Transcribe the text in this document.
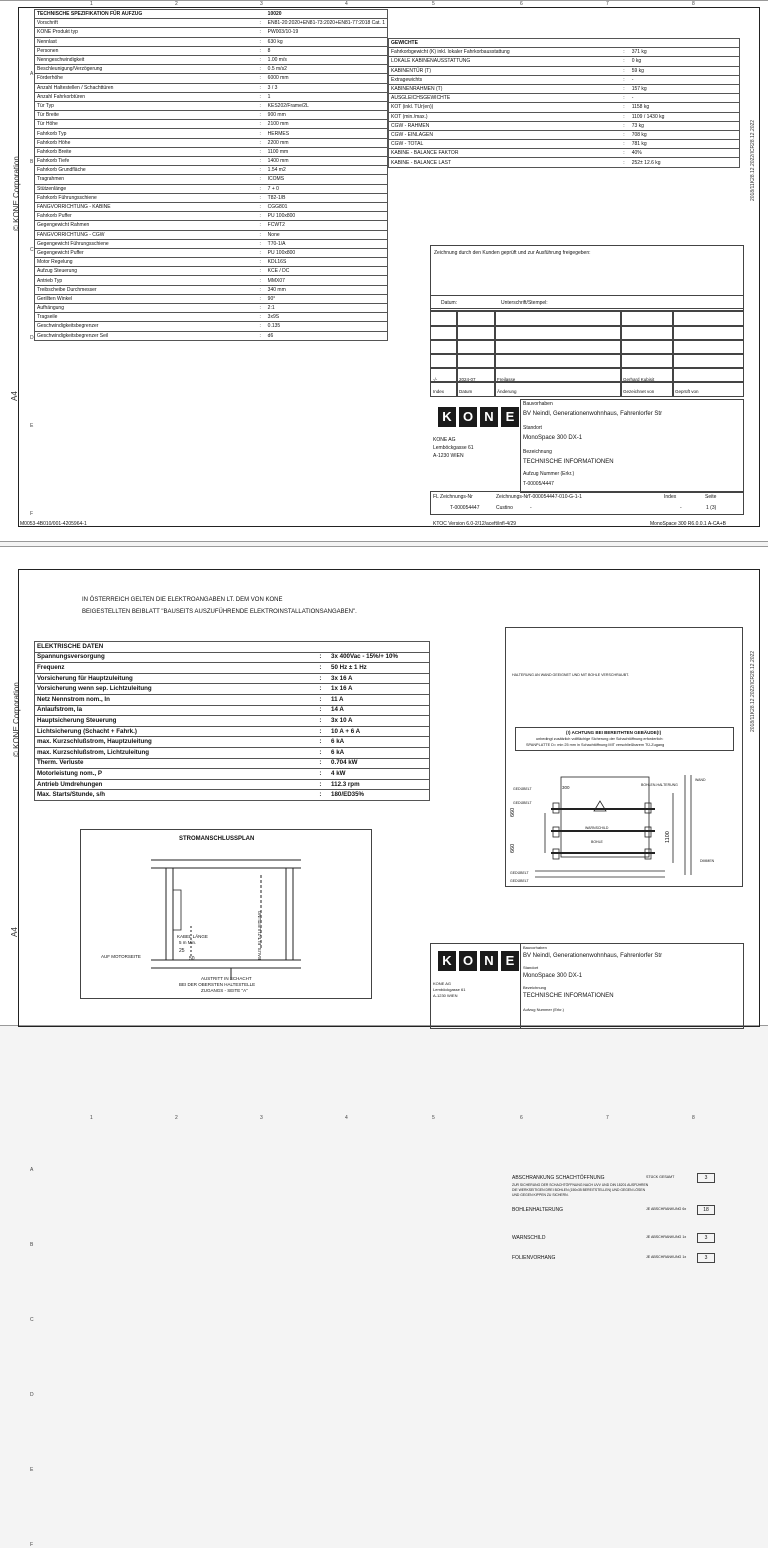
1	2	3	4	5	6	7	8
A
B
C
D
E
F
© KONE Corporation
A4
2018/11K28.12.2022/ICR28.12.2022
TECHNISCHE SPEZIFIKATION FÜR AUFZUG		10020
Vorschrift	:	EN81-20:2020+EN81-73:2020+EN81-77:2018 Cat. 1
KONE Produkt typ	:	PW003/10-19
Nennlast	:	630 kg
Personen	:	8
Nenngeschwindigkeit	:	1.00 m/s
Beschleunigung/Verzögerung	:	0.5 m/s2
Förderhöhe	:	6000 mm
Anzahl Haltestellen / Schachttüren	:	3 / 3
Anzahl Fahrkorbtüren	:	1
Tür Typ	:	KES202/Frame/2L
Tür Breite	:	900 mm
Tür Höhe	:	2100 mm
Fahrkorb Typ	:	HERMES
Fahrkorb Höhe	:	2200 mm
Fahrkorb Breite	:	1100 mm
Fahrkorb Tiefe	:	1400 mm
Fahrkorb Grundfläche	:	1.54 m2
Tragrahmen	:	ICOMS
Stützenlänge	:	7 + 0
Fahrkorb Führungsschiene	:	T82-1/B
FANGVORRICHTUNG - KABINE	:	CGG801
Fahrkorb Puffer	:	PU 100x800
Gegengewicht Rahmen	:	FCWT2
FANGVORRICHTUNG - CGW	:	None
Gegengewicht Führungsschiene	:	T70-1/A
Gegengewicht Puffer	:	PU 100x800
Motor Regelung	:	KDL16S
Aufzug Steuerung	:	KCE / DC
Antrieb Typ	:	MMX07
Treibscheibe Durchmesser	:	340 mm
Gerillten Winkel	:	90°
Aufhängung	:	2:1
Tragseile	:	3x9S
Geschwindigkeitsbegrenzer	:	0.135
Geschwindigkeitsbegrenzer Seil	:	d6
GEWICHTE		
Fahrkorbgewicht (K) inkl. lokaler Fahrkorbausstattung	:	371 kg
LOKALE KABINENAUSSTATTUNG	:	0 kg
KABINENTÜR (T)	:	59 kg
Extragewichts	:	-
KABINENRAHMEN (T)	:	157 kg
AUSGLEICHSGEWICHTE	:	-
KOT (inkl. TUr(en))	:	1158 kg
KOT (min./max.)	:	1109 / 1430 kg
CGW - RAHMEN	:	73 kg
CGW - EINLAGEN	:	708 kg
CGW - TOTAL	:	781 kg
KABINE - BALANCE FAKTOR	:	40%
KABINE - BALANCE LAST	:	252± 12.6 kg
Zeichnung durch den Kunden geprüft und zur Ausführung freigegeben:
Datum:	Unterschrift/Stempel:
-/-	2024-07	Freilasse	Gerhard Kubisit
Index	Datum	Änderung	Gezeichnet von	Geprüft von
K O N E
KONE AG
Lemböckgasse 61
A-1230 WIEN
Bauvorhaben
BV Neindl, Generationenwohnhaus, Fahrenlorfer Str
Standort
MonoSpace 300 DX-1
Bezeichnung
TECHNISCHE INFORMATIONEN
Aufzug Nummer (Erkr.)
T-00005/4447
FL Zeichnungs-Nr
T-000054447
Zeichnungs-Nr T-000054447-010-G-1-1	Index
-
Seite
1 (3)
Custino	-
M0053-4B010/001-4205964-1	KTOC Version 6.0-2/12/aceft/infl-4/29	MonoSpace 300 R6.0.0.1 A-CA+B
1	2	3	4	5	6	7	8
A
B
C
D
E
F
© KONE Corporation
A4
2018/11K28.12.2022/ICR28.12.2022
IN ÖSTERREICH GELTEN DIE ELEKTROANGABEN LT. DEM VON KONE
BEIGESTELLTEN BEIBLATT "BAUSEITS AUSZUFÜHRENDE ELEKTROINSTALLATIONSANGABEN".
ELEKTRISCHE DATEN		
Spannungsversorgung	:	3x 400Vac - 15%/+ 10%
Frequenz	:	50 Hz ± 1 Hz
Vorsicherung für Hauptzuleitung	:	3x 16 A
Vorsicherung wenn sep. Lichtzuleitung	:	1x 16 A
Netz Nennstrom nom., In	:	11 A
Anlaufstrom, Ia	:	14 A
Hauptsicherung Steuerung	:	3x 10 A
Lichtsicherung (Schacht + Fahrk.)	:	10 A + 6 A
max. Kurzschlußstrom, Hauptzuleitung	:	6 kA
max. Kurzschlußstrom, Lichtzuleitung	:	6 kA
Therm. Verluste	:	0.704 kW
Motorleistung nom., P	:	4 kW
Antrieb Umdrehungen	:	112.3 rpm
Max. Starts/Stunde, s/h	:	180/ED35%
STROMANSCHLUSSPLAN
KABEL LÄNGE
5 m Min.
25
50
AUF MOTORSEITE	BAUS. ELT-ZULEITUNG
AUSTRITT IN SCHACHT
BEI DER OBERSTEN HALTESTELLE
ZUGANGS - SEITE "A"
ABSCHRANKUNG SCHACHTÖFFNUNG	STÜCK GESAMT	3
BOHLENHALTERUNG	JE ABSCHRANKUNG 6x	18
WARNSCHILD	JE ABSCHRANKUNG 1x	3
FOLIENVORHANG	JE ABSCHRANKUNG 1x	3
ZUR SICHERUNG DER SCHACHTÖFFNUNG NACH UVV UND DIN 18201 AUSFÜHREN
DIE WERKSEITIGEN DREI BOHLEN (150x35 BEREITSTELLEN) UND GEGEN LÖSEN
UND GEGEN KIPPEN ZU SICHERN.
HALTERUNG AN WAND GEEIGNET UND MIT BOHLE VERSCHRAUBT.
(!) ACHTUNG BEI BEREITHTEN GEBÄUDE(!)
unbedingt zusätzlich vollflächige Sicherung der Schachtöffnung erforderlich:
SPANPLATTE D= min 25 mm in Schachtöffnung MIT verschließbarem TÜ-Zugang
660
660
1100
300
GEDÜBELT
GEDÜBELT
WARNSCHILD
BOHLE
BOHLEN-HALTERUNG
WAND
DIMMEN
GEDÜBELT
GEDÜBELT
K O N E
KONE AG
Lemböckgasse 61
A-1230 WIEN
Bauvorhaben
BV Neindl, Generationenwohnhaus, Fahrenlorfer Str
Standort
MonoSpace 300 DX-1
Bezeichnung
TECHNISCHE INFORMATIONEN
Aufzug Nummer (Erkr.)
